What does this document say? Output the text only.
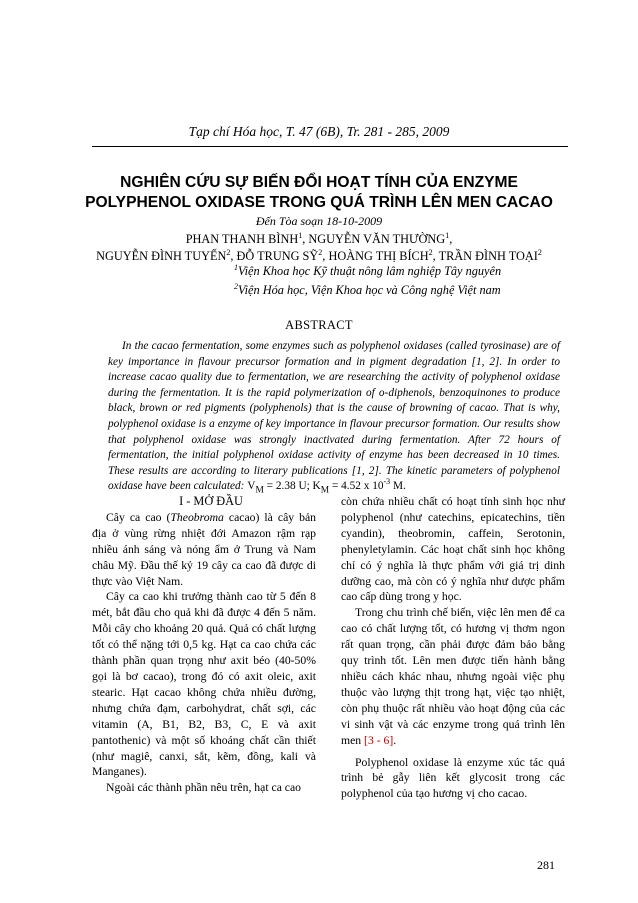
Tạp chí Hóa học, T. 47 (6B), Tr. 281 - 285, 2009
NGHIÊN CỨU SỰ BIẾN ĐỔI HOẠT TÍNH CỦA ENZYME
POLYPHENOL OXIDASE TRONG QUÁ TRÌNH LÊN MEN CACAO
Đến Tòa soạn 18-10-2009
PHAN THANH BÌNH$^1$, NGUYỄN VĂN THƯỜNG$^1$,
NGUYỄN ĐÌNH TUYẾN$^2$, ĐỖ TRUNG SỸ$^2$, HOÀNG THỊ BÍCH$^2$, TRẦN ĐÌNH TOẠI$^2$
$^1$Viện Khoa học Kỹ thuật nông lâm nghiệp Tây nguyên
$^2$Viện Hóa học, Viện Khoa học và Công nghệ Việt nam
ABSTRACT

In the cacao fermentation, some enzymes such as polyphenol oxidases (called tyrosinase) are of key importance in flavour precursor formation and in pigment degradation [1, 2]. In order to increase cacao quality due to fermentation, we are researching the activity of polyphenol oxidase during the fermentation. It is the rapid polymerization of o-diphenols, benzoquinones to produce black, brown or red pigments (polyphenols) that is the cause of browning of cacao. That is why, polyphenol oxidase is a enzyme of key importance in flavour precursor formation. Our results show that polyphenol oxidase was strongly inactivated during fermentation. After 72 hours of fermentation, the initial polyphenol oxidase activity of enzyme has been decreased in 10 times. These results are according to literary publications [1, 2]. The kinetic parameters of polyphenol oxidase have been calculated: $V_M = 2.38$ U; $K_M = 4.52$ x $10^{-3}$ M.

I - MỞ ĐẦU

Cây ca cao (Theobroma cacao) là cây bản địa ở vùng rừng nhiệt đới Amazon rậm rạp nhiều ánh sáng và nóng ẩm ở Trung và Nam châu Mỹ. Đầu thế kỷ 19 cây ca cao đã được di thực vào Việt Nam.

Cây ca cao khi trưởng thành cao từ 5 đến 8 mét, bắt đầu cho quả khi đã được 4 đến 5 năm. Mỗi cây cho khoảng 20 quả. Quả có chất lượng tốt có thể nặng tới 0,5 kg. Hạt ca cao chứa các thành phần quan trọng như axit béo (40-50% gọi là bơ cacao), trong đó có axit oleic, axit stearic. Hạt cacao không chứa nhiều đường, nhưng chứa đạm, carbohydrat, chất sợi, các vitamin (A, B1, B2, B3, C, E và axit pantothenic) và một số khoáng chất cần thiết (như magiê, canxi, sắt, kẽm, đồng, kali và Manganes).

Ngoài các thành phần nêu trên, hạt ca cao

còn chứa nhiều chất có hoạt tính sinh học như polyphenol (như catechins, epicatechins, tiền cyandin), theobromin, caffein, Serotonin, phenyletylamin. Các hoạt chất sinh học không chỉ có ý nghĩa là thực phẩm với giá trị dinh dưỡng cao, mà còn có ý nghĩa như dược phẩm cao cấp dùng trong y học.

Trong chu trình chế biến, việc lên men để ca cao có chất lượng tốt, có hương vị thơm ngon rất quan trọng, cần phải được đảm bảo bằng quy trình tốt. Lên men được tiến hành bằng nhiều cách khác nhau, nhưng ngoài việc phụ thuộc vào lượng thịt trong hạt, việc tạo nhiệt, còn phụ thuộc rất nhiều vào hoạt động của các vi sinh vật và các enzyme trong quá trình lên men [3 - 6].

Polyphenol oxidase là enzyme xúc tác quá trình bẻ gẫy liên kết glycosit trong các polyphenol của tạo hương vị cho cacao.

281
